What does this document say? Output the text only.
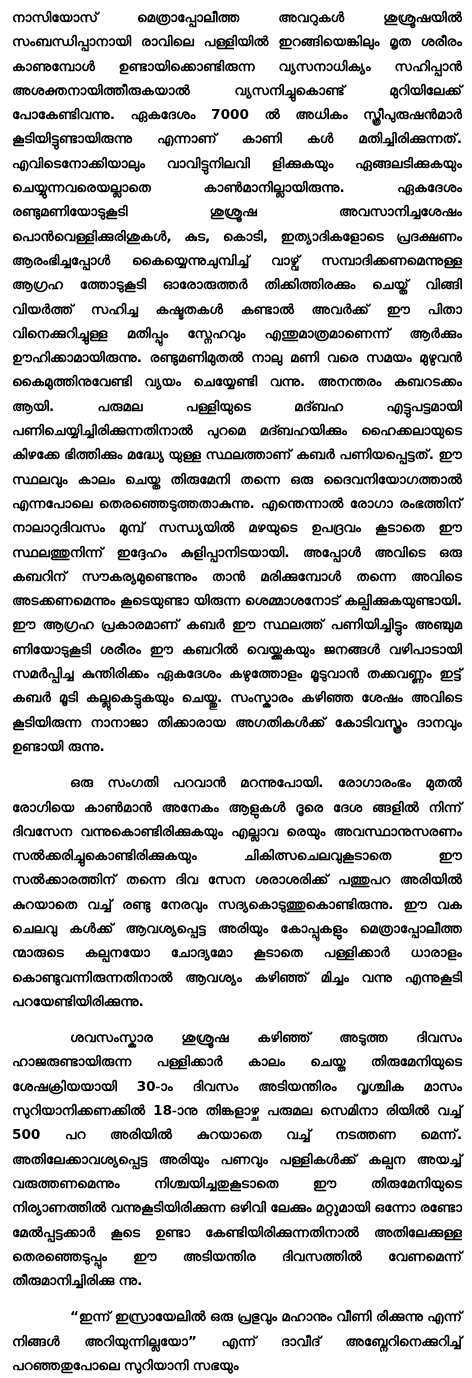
നാസിയോസ് മെത്രാപ്പോലീത്ത അവറുകൾ ശുശ്രൂഷയിൽ സംബന്ധിപ്പാനായി രാവിലെ പള്ളിയിൽ ഇറങ്ങിയെങ്കിലും മൃത ശരീരം കാണുമ്പോൾ ഉണ്ടായിക്കൊണ്ടിരുന്ന വ്യസനാധിക്യം സഹിപ്പാൻ അശക്തനായിത്തീരുകയാൽ വ്യസനിച്ചുകൊണ്ട് മുറിയിലേക്ക് പോകേണ്ടിവന്നു. ഏകദേശം 7000 ൽ അധികം സ്ത്രീപുരുഷൻമാർ കൂടിയിട്ടുണ്ടായിരുന്നു എന്നാണ് കാണി കൾ മതിച്ചിരിക്കുന്നത്. എവിടെനോക്കിയാലും വാവിട്ടുനിലവി ളിക്കുകയും ഏങ്ങലടിക്കുകയും ചെയ്യുന്നവരെയല്ലാതെ കാൺമാനില്ലായിരുന്നു. ഏകദേശം രണ്ടുമണിയോടുകൂടി ശുശ്രൂഷ അവസാനിച്ചശേഷം പൊൻവെള്ളിക്കുരിശുകൾ, കുട, കൊടി, ഇത്യാദികളോടെ പ്രദക്ഷണം ആരംഭിച്ചപ്പോൾ കൈയ്യെന്നുചുമ്പിച്ച് വാഴ്വ് സമ്പാദിക്കണമെന്നുള്ള ആഗ്രഹ ത്തോടുകൂടി ഓരോരുത്തർ തിക്കിത്തിരക്കും ചെയ്ത് വിങ്ങി വിയർത്ത് സഹിച്ച കഷ്ടതകൾ കണ്ടാൽ അവർക്ക് ഈ പിതാ വിനെക്കുറിച്ചുള്ള മതിപ്പും സ്നേഹവും എന്തുമാത്രമാണെന്ന് ആർക്കും ഊഹിക്കാമായിരുന്നു. രണ്ടുമണിമുതൽ നാലു മണി വരെ സമയം മുഴുവൻ കൈമുത്തിനുവേണ്ടി വ്യയം ചെയ്യേണ്ടി വന്നു. അനന്തരം കബറടക്കം ആയി. പരുമല പള്ളിയുടെ മദ്ബഹ എട്ടുപട്ടമായി പണിചെയ്യിച്ചിരിക്കുന്നതിനാൽ പുറമെ മദ്ബഹയിക്കും ഹൈക്കലായുടെ കിഴക്കേ ഭിത്തിക്കും മദ്ധ്യേ യുള്ള സ്ഥലത്താണ് കബർ പണിയപ്പെട്ടത്. ഈ സ്ഥലവും കാലം ചെയ്ത തിരുമേനി തന്നെ ഒരു ദൈവനിയോഗത്താൽ എന്നപോലെ തെരഞ്ഞെടുത്തതാകുന്നു. എന്തെന്നാൽ രോഗാ രംഭത്തിന് നാലാറുദിവസം മുമ്പ് സന്ധ്യയിൽ മഴയുടെ ഉപദ്രവം കൂടാതെ ഈ സ്ഥലത്തുനിന്ന് ഇദ്ദേഹം കുളിപ്പാനിടയായി. അപ്പോൾ അവിടെ ഒരു കബറിന് സൗകര്യമുണ്ടെന്നും താൻ മരിക്കുമ്പോൾ തന്നെ അവിടെ അടക്കണമെന്നും കൂടെയുണ്ടാ യിരുന്ന ശെമ്മാശനോട് കല്പിക്കുകയുണ്ടായി. ഈ ആഗ്രഹ പ്രകാരമാണ് കബർ ഈ സ്ഥലത്ത് പണിയിച്ചിട്ടും അഞ്ചുമ ണിയോടുകൂടി ശരീരം ഈ കബറിൽ വെയ്ക്കുകയും ജനങ്ങൾ വഴിപാടായി സമർപ്പിച്ച കുന്തിരിക്കം ഏകദേശം കഴുത്തോളം മൂടുവാൻ തക്കവണ്ണം ഇട്ട് കബർ മൂടി കല്ലുകെട്ടുകയും ചെയ്തു. സംസ്കാരം കഴിഞ്ഞ ശേഷം അവിടെ കൂടിയിരുന്ന നാനാജാ തിക്കാരായ അഗതികൾക്ക് കോടിവസ്ത്രം ദാനവും ഉണ്ടായി രുന്നു.

ഒരു സംഗതി പറവാൻ മറന്നുപോയി. രോഗാരംഭം മുതൽ രോഗിയെ കാൺമാൻ അനേകം ആളുകൾ ദൂരെ ദേശ ങ്ങളിൽ നിന്ന് ദിവസേന വന്നുകൊണ്ടിരിക്കുകയും എല്ലാവ രെയും അവസ്ഥാനുസരണം സൽക്കരിച്ചുകൊണ്ടിരിക്കുകയും ചികിത്സചെലവുകൂടാതെ ഈ സൽക്കാരത്തിന് തന്നെ ദിവ സേന ശരാശരിക്ക് പത്തുപറ അരിയിൽ കുറയാതെ വച്ച് രണ്ടു നേരവും സദ്യകൊടുത്തുകൊണ്ടിരുന്നു. ഈ വക ചെലവു കൾക്ക് ആവശ്യപ്പെട്ട അരിയും കോപ്പുകളും മെത്രാപ്പോലീത്ത ന്മാരുടെ കല്പനയോ ചോദ്യമോ കൂടാതെ പള്ളിക്കാർ ധാരാളം കൊണ്ടുവന്നിരുന്നതിനാൽ ആവശ്യം കഴിഞ്ഞ് മിച്ചം വന്നു എന്നുകൂടി പറയേണ്ടിയിരിക്കുന്നു.

ശവസംസ്കാര ശുശ്രൂഷ കഴിഞ്ഞ് അടുത്ത ദിവസം ഹാജരുണ്ടായിരുന്ന പള്ളിക്കാർ കാലം ചെയ്ത തിരുമേനിയുടെ ശേഷക്രിയയായി 30-ാം ദിവസം അടിയന്തിരം വൃശ്ചിക മാസം സുറിയാനിക്കണക്കിൽ 18-ാനു തിങ്കളാഴ്ച പരുമല സെമിനാ രിയിൽ വച്ച് 500 പറ അരിയിൽ കുറയാതെ വച്ച് നടത്തണ മെന്ന്. അതിലേക്കാവശ്യപ്പെട്ട അരിയും പണവും പള്ളികൾക്ക് കല്പന അയച്ച് വരുത്തണമെന്നും നിശ്ചയിച്ചതുകൂടാതെ ഈ തിരുമേനിയുടെ നിര്യാണത്തിൽ വന്നുകൂടിയിരിക്കുന്ന ഒഴിവി ലേക്കും മറ്റുമായി ഒന്നോ രണ്ടോ മേൽപ്പട്ടക്കാർ കൂടെ ഉണ്ടാ കേണ്ടിയിരിക്കുന്നതിനാൽ അതിലേക്കുള്ള തെരഞ്ഞെടുപ്പും ഈ അടിയന്തിര ദിവസത്തിൽ വേണമെന്ന് തീരുമാനിച്ചിരിക്കു ന്നു.

“ഇന്ന് ഇസ്രായേലിൽ ഒരു പ്രഭുവും മഹാനും വീണി രിക്കുന്നു എന്ന് നിങ്ങൾ അറിയുന്നില്ലയോ” എന്ന് ദാവീദ് അബ്നേറിനെക്കുറിച്ച് പറഞ്ഞതുപോലെ സുറിയാനി സഭയും
